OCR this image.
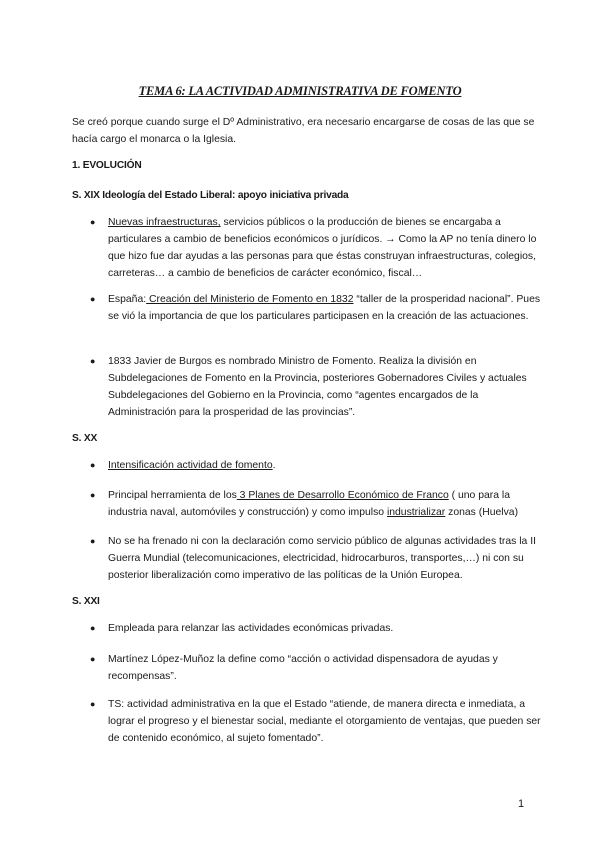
TEMA 6: LA ACTIVIDAD ADMINISTRATIVA DE FOMENTO
Se creó porque cuando surge el Dº Administrativo, era necesario encargarse de cosas de las que se hacía cargo el monarca o la Iglesia.
1. EVOLUCIÓN
S. XIX Ideología del Estado Liberal: apoyo iniciativa privada
●	Nuevas infraestructuras, servicios públicos o la producción de bienes se encargaba a particulares a cambio de beneficios económicos o jurídicos. → Como la AP no tenía dinero lo que hizo fue dar ayudas a las personas para que éstas construyan infraestructuras, colegios, carreteras… a cambio de beneficios de carácter económico, fiscal…
●	España: Creación del Ministerio de Fomento en 1832 “taller de la prosperidad nacional”. Pues se vió la importancia de que los particulares participasen en la creación de las actuaciones.
●	1833 Javier de Burgos es nombrado Ministro de Fomento. Realiza la división en Subdelegaciones de Fomento en la Provincia, posteriores Gobernadores Civiles y actuales Subdelegaciones del Gobierno en la Provincia, como “agentes encargados de la Administración para la prosperidad de las provincias”.
S. XX
●	Intensificación actividad de fomento.
●	Principal herramienta de los 3 Planes de Desarrollo Económico de Franco ( uno para la industria naval, automóviles y construcción) y como impulso industrializar zonas (Huelva)
●	No se ha frenado ni con la declaración como servicio público de algunas actividades tras la II Guerra Mundial (telecomunicaciones, electricidad, hidrocarburos, transportes,…) ni con su posterior liberalización como imperativo de las políticas de la Unión Europea.
S. XXI
●	Empleada para relanzar las actividades económicas privadas.
●	Martínez López-Muñoz la define como “acción o actividad dispensadora de ayudas y recompensas”.
●	TS: actividad administrativa en la que el Estado “atiende, de manera directa e inmediata, a lograr el progreso y el bienestar social, mediante el otorgamiento de ventajas, que pueden ser de contenido económico, al sujeto fomentado”.
1
